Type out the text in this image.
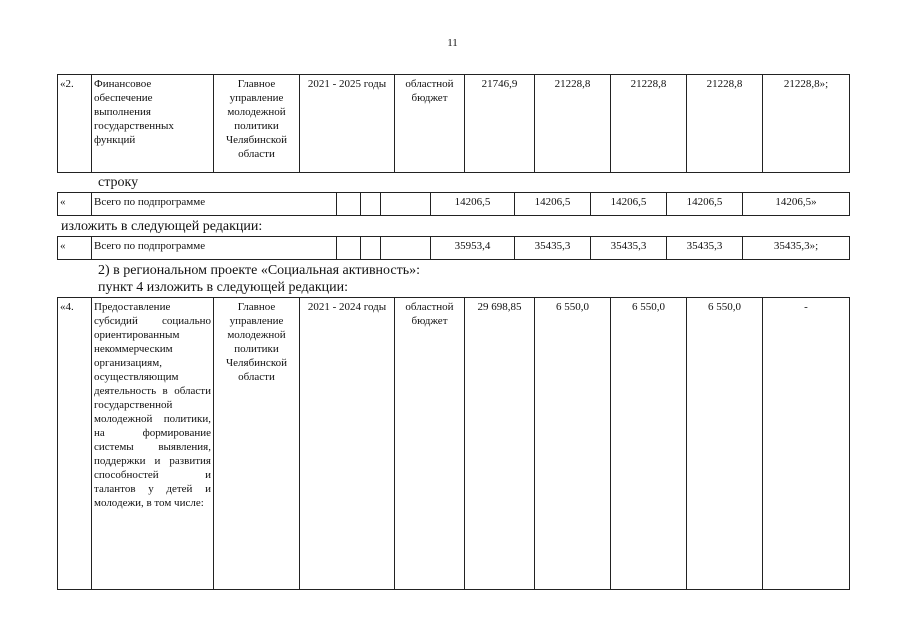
11
«2.	Финансовое обеспечение выполнения государственных функций	Главное управление молодежной политики Челябинской области	2021 - 2025 годы	областной бюджет	21746,9	21228,8	21228,8	21228,8	21228,8»;
строку
«	Всего по подпрограмме				14206,5	14206,5	14206,5	14206,5	14206,5»
изложить в следующей редакции:
«	Всего по подпрограмме				35953,4	35435,3	35435,3	35435,3	35435,3»;
2) в региональном проекте «Социальная активность»:
пункт 4 изложить в следующей редакции:
«4.	Предоставление субсидий социально ориентированным некоммерческим организациям, осуществляющим деятельность в области государственной молодежной политики, на формирование системы выявления, поддержки и развития способностей и талантов у детей и молодежи, в том числе:	Главное управление молодежной политики Челябинской области	2021 - 2024 годы	областной бюджет	29 698,85	6 550,0	6 550,0	6 550,0	-
